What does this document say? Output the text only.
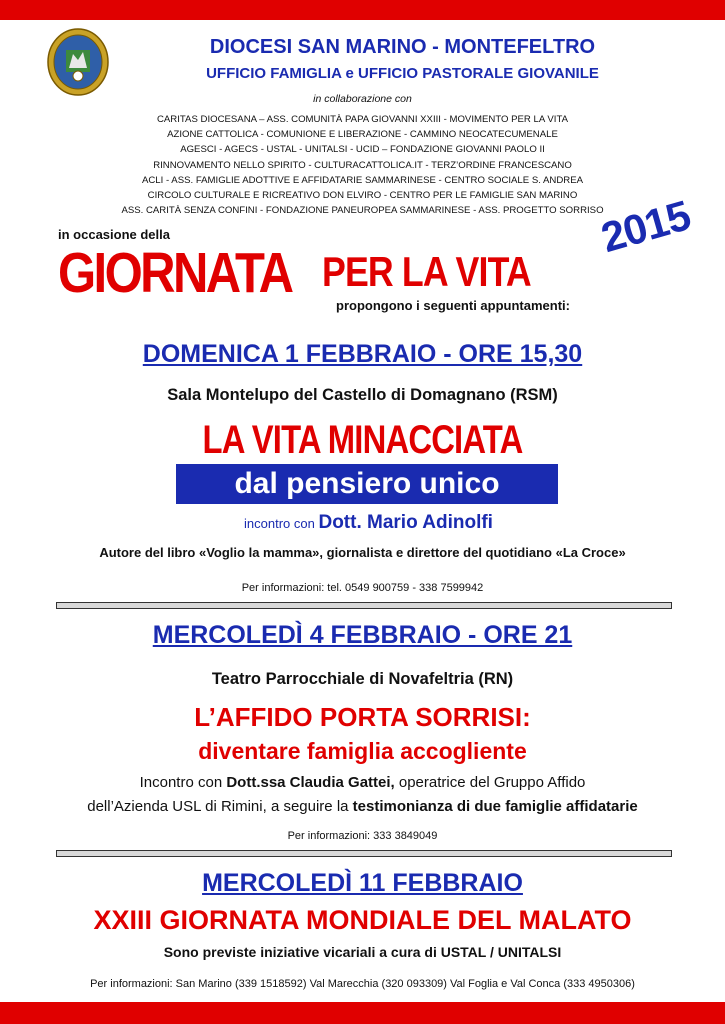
DIOCESI SAN MARINO - MONTEFELTRO
UFFICIO FAMIGLIA e UFFICIO PASTORALE GIOVANILE
in collaborazione con
CARITAS DIOCESANA – ASS. COMUNITÀ PAPA GIOVANNI XXIII - MOVIMENTO PER LA VITA
AZIONE CATTOLICA - COMUNIONE E LIBERAZIONE - CAMMINO NEOCATECUMENALE
AGESCI - AGECS - USTAL - UNITALSI - UCID – FONDAZIONE GIOVANNI PAOLO II
RINNOVAMENTO NELLO SPIRITO - CULTURACATTOLICA.IT - TERZ’ORDINE FRANCESCANO
ACLI - ASS. FAMIGLIE ADOTTIVE E AFFIDATARIE SAMMARINESE - CENTRO SOCIALE S. ANDREA
CIRCOLO CULTURALE E RICREATIVO DON ELVIRO - CENTRO PER LE FAMIGLIE SAN MARINO
ASS. CARITÀ SENZA CONFINI - FONDAZIONE PANEUROPEA SAMMARINESE - ASS. PROGETTO SORRISO
in occasione della
GIORNATA PER LA VITA
2015
propongono i seguenti appuntamenti:
DOMENICA 1 FEBBRAIO - ORE 15,30
Sala Montelupo del Castello di Domagnano (RSM)
LA VITA MINACCIATA
dal pensiero unico
incontro con Dott. Mario Adinolfi
Autore del libro «Voglio la mamma», giornalista e direttore del quotidiano «La Croce»
Per informazioni: tel. 0549 900759 - 338 7599942
MERCOLEDÌ 4 FEBBRAIO - ORE 21
Teatro Parrocchiale di Novafeltria (RN)
L’AFFIDO PORTA SORRISI:
diventare famiglia accogliente
Incontro con Dott.ssa Claudia Gattei, operatrice del Gruppo Affido
dell’Azienda USL di Rimini, a seguire la testimonianza di due famiglie affidatarie
Per informazioni: 333 3849049
MERCOLEDÌ 11 FEBBRAIO
XXIII GIORNATA MONDIALE DEL MALATO
Sono previste iniziative vicariali a cura di USTAL / UNITALSI
Per informazioni: San Marino (339 1518592) Val Marecchia (320 093309) Val Foglia e Val Conca (333 4950306)
